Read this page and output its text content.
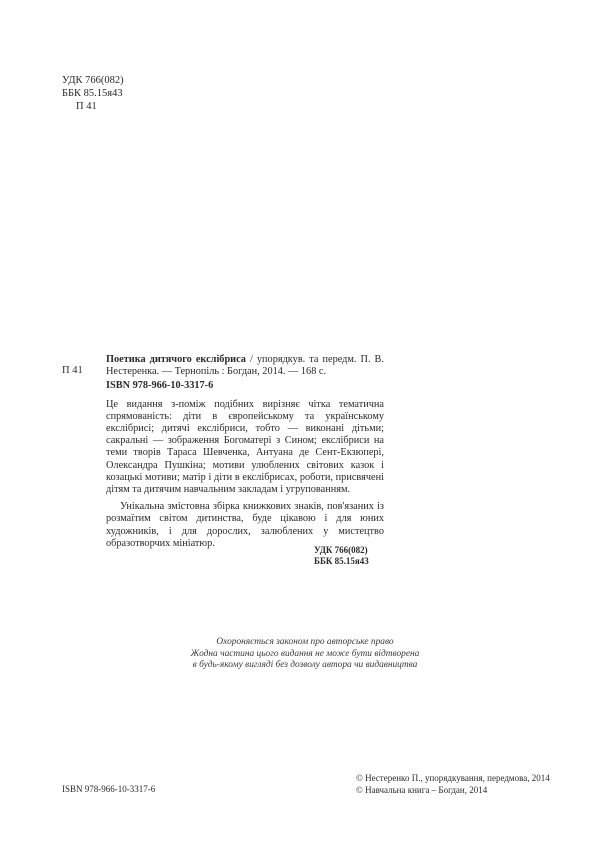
УДК 766(082)
ББК 85.15я43
П 41
П 41

Поетика дитячого екслібриса / упорядкув. та передм. П. В. Нестеренка. — Тернопіль : Богдан, 2014. — 168 с.

ISBN 978-966-10-3317-6

Це видання з-поміж подібних вирізняє чітка тематична спрямованість: діти в європейському та українському екслібрисі; дитячі екслібриси, тобто — виконані дітьми; сакральні — зображення Богоматері з Сином; екслібриси на теми творів Тараса Шевченка, Антуана де Сент-Екзюпері, Олександра Пушкіна; мотиви улюблених світових казок і козацькі мотиви; матір і діти в екслібрисах, роботи, присвячені дітям та дитячим навчальним закладам і угрупованням.

Унікальна змістовна збірка книжкових знаків, пов'язаних із розмаїтим світом дитинства, буде цікавою і для юних художників, і для дорослих, залюблених у мистецтво образотворчих мініатюр.

УДК 766(082)
ББК 85.15я43
Охороняється законом про авторське право
Жодна частина цього видання не може бути відтворена
в будь-якому вигляді без дозволу автора чи видавництва
ISBN 978-966-10-3317-6
© Нестеренко П., упорядкування, передмова, 2014
© Навчальна книга – Богдан, 2014
